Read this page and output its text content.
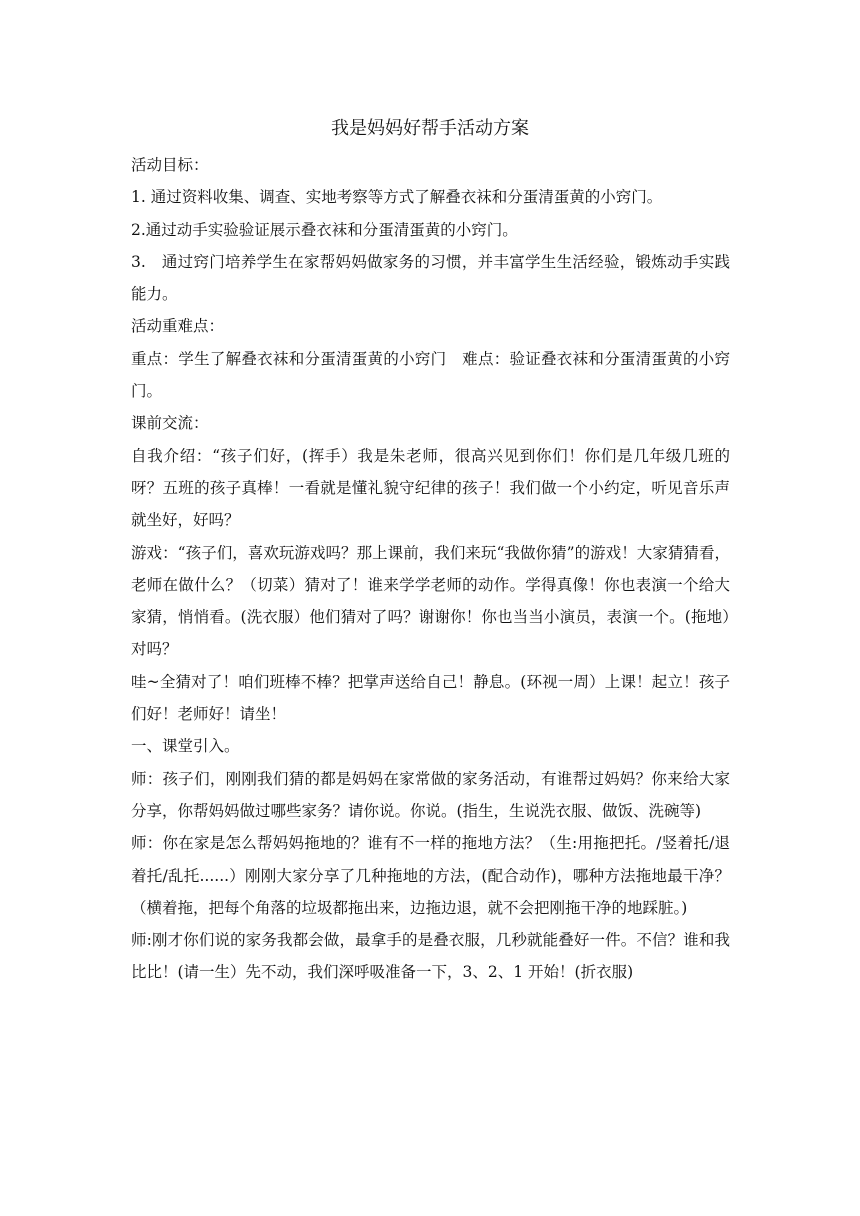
我是妈妈好帮手活动方案

活动目标：

1. 通过资料收集、调查、实地考察等方式了解叠衣袜和分蛋清蛋黄的小窍门。

2.通过动手实验验证展示叠衣袜和分蛋清蛋黄的小窍门。

3.　通过窍门培养学生在家帮妈妈做家务的习惯，并丰富学生生活经验，锻炼动手实践能力。

活动重难点：

重点：学生了解叠衣袜和分蛋清蛋黄的小窍门　难点：验证叠衣袜和分蛋清蛋黄的小窍门。

课前交流：

自我介绍：“孩子们好，(挥手）我是朱老师，很高兴见到你们！你们是几年级几班的呀？五班的孩子真棒！一看就是懂礼貌守纪律的孩子！我们做一个小约定，听见音乐声就坐好，好吗？

游戏：“孩子们，喜欢玩游戏吗？那上课前，我们来玩“我做你猜”的游戏！大家猜猜看，老师在做什么？（切菜）猜对了！谁来学学老师的动作。学得真像！你也表演一个给大家猜，悄悄看。(洗衣服）他们猜对了吗？谢谢你！你也当当小演员，表演一个。(拖地）对吗？

哇~全猜对了！咱们班棒不棒？把掌声送给自己！静息。(环视一周）上课！起立！孩子们好！老师好！请坐！

一、课堂引入。

师：孩子们，刚刚我们猜的都是妈妈在家常做的家务活动，有谁帮过妈妈？你来给大家分享，你帮妈妈做过哪些家务？请你说。你说。(指生，生说洗衣服、做饭、洗碗等)

师：你在家是怎么帮妈妈拖地的？谁有不一样的拖地方法？（生:用拖把托。/竖着托/退着托/乱托......）刚刚大家分享了几种拖地的方法，(配合动作)，哪种方法拖地最干净？（横着拖，把每个角落的垃圾都拖出来，边拖边退，就不会把刚拖干净的地踩脏。)

师:刚才你们说的家务我都会做，最拿手的是叠衣服，几秒就能叠好一件。不信？谁和我比比！(请一生）先不动，我们深呼吸准备一下，3、2、1 开始！(折衣服)
